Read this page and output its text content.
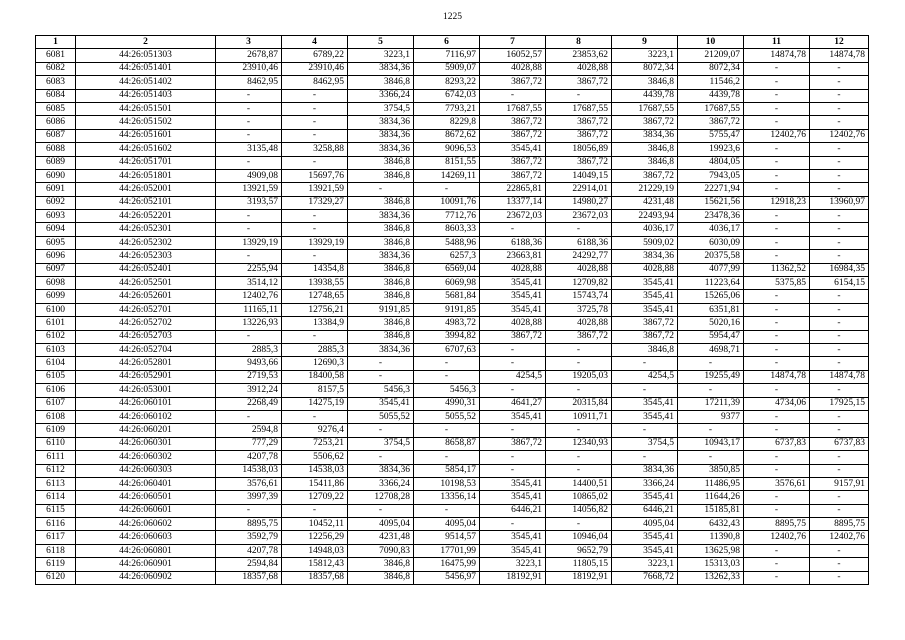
1225
1	2	3	4	5	6	7	8	9	10	11	12
6081	44:26:051303	2678,87	6789,22	3223,1	7116,97	16052,57	23853,62	3223,1	21209,07	14874,78	14874,78
6082	44:26:051401	23910,46	23910,46	3834,36	5909,07	4028,88	4028,88	8072,34	8072,34	-	-
6083	44:26:051402	8462,95	8462,95	3846,8	8293,22	3867,72	3867,72	3846,8	11546,2	-	-
6084	44:26:051403	-	-	3366,24	6742,03	-	-	4439,78	4439,78	-	-
6085	44:26:051501	-	-	3754,5	7793,21	17687,55	17687,55	17687,55	17687,55	-	-
6086	44:26:051502	-	-	3834,36	8229,8	3867,72	3867,72	3867,72	3867,72	-	-
6087	44:26:051601	-	-	3834,36	8672,62	3867,72	3867,72	3834,36	5755,47	12402,76	12402,76
6088	44:26:051602	3135,48	3258,88	3834,36	9096,53	3545,41	18056,89	3846,8	19923,6	-	-
6089	44:26:051701	-	-	3846,8	8151,55	3867,72	3867,72	3846,8	4804,05	-	-
6090	44:26:051801	4909,08	15697,76	3846,8	14269,11	3867,72	14049,15	3867,72	7943,05	-	-
6091	44:26:052001	13921,59	13921,59	-	-	22865,81	22914,01	21229,19	22271,94	-	-
6092	44:26:052101	3193,57	17329,27	3846,8	10091,76	13377,14	14980,27	4231,48	15621,56	12918,23	13960,97
6093	44:26:052201	-	-	3834,36	7712,76	23672,03	23672,03	22493,94	23478,36	-	-
6094	44:26:052301	-	-	3846,8	8603,33	-	-	4036,17	4036,17	-	-
6095	44:26:052302	13929,19	13929,19	3846,8	5488,96	6188,36	6188,36	5909,02	6030,09	-	-
6096	44:26:052303	-	-	3834,36	6257,3	23663,81	24292,77	3834,36	20375,58	-	-
6097	44:26:052401	2255,94	14354,8	3846,8	6569,04	4028,88	4028,88	4028,88	4077,99	11362,52	16984,35
6098	44:26:052501	3514,12	13938,55	3846,8	6069,98	3545,41	12709,82	3545,41	11223,64	5375,85	6154,15
6099	44:26:052601	12402,76	12748,65	3846,8	5681,84	3545,41	15743,74	3545,41	15265,06	-	-
6100	44:26:052701	11165,11	12756,21	9191,85	9191,85	3545,41	3725,78	3545,41	6351,81	-	-
6101	44:26:052702	13226,93	13384,9	3846,8	4983,72	4028,88	4028,88	3867,72	5020,16	-	-
6102	44:26:052703	-	-	3846,8	3994,82	3867,72	3867,72	3867,72	5954,47	-	-
6103	44:26:052704	2885,3	2885,3	3834,36	6707,63	-	-	3846,8	4698,71	-	-
6104	44:26:052801	9493,66	12690,3	-	-	-	-	-	-	-	-
6105	44:26:052901	2719,53	18400,58	-	-	4254,5	19205,03	4254,5	19255,49	14874,78	14874,78
6106	44:26:053001	3912,24	8157,5	5456,3	5456,3	-	-	-	-	-	-
6107	44:26:060101	2268,49	14275,19	3545,41	4990,31	4641,27	20315,84	3545,41	17211,39	4734,06	17925,15
6108	44:26:060102	-	-	5055,52	5055,52	3545,41	10911,71	3545,41	9377	-	-
6109	44:26:060201	2594,8	9276,4	-	-	-	-	-	-	-	-
6110	44:26:060301	777,29	7253,21	3754,5	8658,87	3867,72	12340,93	3754,5	10943,17	6737,83	6737,83
6111	44:26:060302	4207,78	5506,62	-	-	-	-	-	-	-	-
6112	44:26:060303	14538,03	14538,03	3834,36	5854,17	-	-	3834,36	3850,85	-	-
6113	44:26:060401	3576,61	15411,86	3366,24	10198,53	3545,41	14400,51	3366,24	11486,95	3576,61	9157,91
6114	44:26:060501	3997,39	12709,22	12708,28	13356,14	3545,41	10865,02	3545,41	11644,26	-	-
6115	44:26:060601	-	-	-	-	6446,21	14056,82	6446,21	15185,81	-	-
6116	44:26:060602	8895,75	10452,11	4095,04	4095,04	-	-	4095,04	6432,43	8895,75	8895,75
6117	44:26:060603	3592,79	12256,29	4231,48	9514,57	3545,41	10946,04	3545,41	11390,8	12402,76	12402,76
6118	44:26:060801	4207,78	14948,03	7090,83	17701,99	3545,41	9652,79	3545,41	13625,98	-	-
6119	44:26:060901	2594,84	15812,43	3846,8	16475,99	3223,1	11805,15	3223,1	15313,03	-	-
6120	44:26:060902	18357,68	18357,68	3846,8	5456,97	18192,91	18192,91	7668,72	13262,33	-	-
